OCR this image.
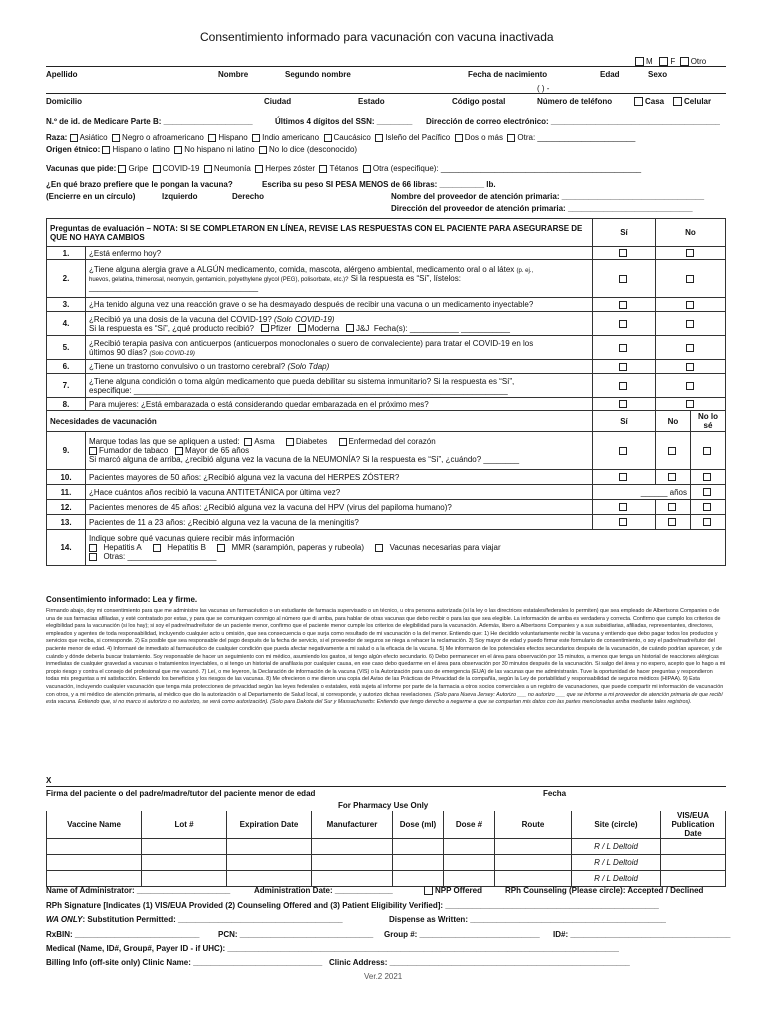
Consentimiento informado para vacunación con vacuna inactivada
M F Otro
Apellido	Nombre	Segundo nombre	Fecha de nacimiento	Edad	Sexo
( ) -
Domicilio	Ciudad	Estado	Código postal	Número de teléfono	Casa	Celular
N.º de id. de Medicare Parte B: ____________________	Últimos 4 dígitos del SSN: ________ Dirección de correo electrónico: ______________________________________
Raza: Asiático Negro o afroamericano Hispano Indio americano Caucásico Isleño del Pacífico Dos o más Otra: ______________________
Origen étnico: Hispano o latino No hispano ni latino No lo dice (desconocido)
Vacunas que pide: Gripe COVID-19 Neumonía Herpes zóster Tétanos Otra (especifique): _____________________________________________
¿En qué brazo prefiere que le pongan la vacuna?	Escriba su peso SI PESA MENOS de 66 libras: __________ lb.
(Encierre en un círculo)	Izquierdo	Derecho	Nombre del proveedor de atención primaria: ________________________________
Dirección del proveedor de atención primaria: ____________________________
Preguntas de evaluación – NOTA: SI SE COMPLETARON EN LÍNEA, REVISE LAS RESPUESTAS CON EL PACIENTE PARA ASEGURARSE DE QUE NO HAYA CAMBIOS		Sí	No	
1.	¿Está enfermo hoy?			
2.	¿Tiene alguna alergia grave a ALGÚN medicamento, comida, mascota, alérgeno ambiental, medicamento oral o al látex (p. ej.,
huevos, gelatina, thimerosal, neomycin, gentamicin, polyethylene glycol (PEG), polisorbate, etc.)? Si la respuesta es “Sí”, lístelos:
______________________________________			
3.	¿Ha tenido alguna vez una reacción grave o se ha desmayado después de recibir una vacuna o un medicamento inyectable?			
4.	¿Recibió ya una dosis de la vacuna del COVID-19? (Solo COVID-19)
Si la respuesta es “Sí”, ¿qué producto recibió? Pfizer Moderna J&J Fecha(s): ___________ ___________			
5.	¿Recibió terapia pasiva con anticuerpos (anticuerpos monoclonales o suero de convaleciente) para tratar el COVID-19 en los
últimos 90 días? (Solo COVID-19)			
6.	¿Tiene un trastorno convulsivo o un trastorno cerebral? (Solo Tdap)			
7.	¿Tiene alguna condición o toma algún medicamento que pueda debilitar su sistema inmunitario? Si la respuesta es “Sí”,
especifique: ____________________________________________________________________________________			
8.	Para mujeres: ¿Está embarazada o está considerando quedar embarazada en el próximo mes?			
Necesidades de vacunación		Sí	No	No lo sé
9.	Marque todas las que se apliquen a usted: Asma Diabetes Enfermedad del corazón
Fumador de tabaco Mayor de 65 años
Si marcó alguna de arriba, ¿recibió alguna vez la vacuna de la NEUMONÍA? Si la respuesta es “Sí”, ¿cuándo? ________			
10.	Pacientes mayores de 50 años: ¿Recibió alguna vez la vacuna del HERPES ZÓSTER?			
11.	¿Hace cuántos años recibió la vacuna ANTITETÁNICA por última vez?	______ años		
12.	Pacientes menores de 45 años: ¿Recibió alguna vez la vacuna del HPV (virus del papiloma humano)?			
13.	Pacientes de 11 a 23 años: ¿Recibió alguna vez la vacuna de la meningitis?			
14.	Indique sobre qué vacunas quiere recibir más información
Hepatitis A Hepatitis B MMR (sarampión, paperas y rubeola) Vacunas necesarias para viajar
Otras: ____________________			
Consentimiento informado: Lea y firme.
Firmando abajo, doy mi consentimiento para que me administre las vacunas un farmacéutico o un estudiante de farmacia supervisado o un técnico, u otra persona autorizada (si la ley o las directrices estatales/federales lo permiten) que sea empleado de Albertsons Companies o de una de sus farmacias afiliadas, y esté contratado por estas, y para que se comuniquen conmigo al número que di arriba, para hablar de otras vacunas que debo recibir o para las que sea elegible. La información de arriba es verdadera y correcta. Confirmo que cumplo los criterios de elegibilidad para la vacunación (si los hay); si soy el padre/madre/tutor de un paciente menor, confirmo que el paciente menor cumple los criterios de elegibilidad para la vacunación. Además, libero a Albertsons Companies y a sus subsidiarias, afiliadas, representantes, directores, empleados y agentes de toda responsabilidad, incluyendo cualquier acto u omisión, que sea consecuencia o que surja como resultado de mi vacunación o la del menor. Entiendo que: 1) He decidido voluntariamente recibir la vacuna y entiendo que debo pagar todos los productos y servicios que reciba, si corresponde. 2) Es posible que sea responsable del pago después de la fecha de servicio, si el proveedor de seguros se niega a rehacer la reclamación. 3) Soy mayor de edad y puedo firmar este formulario de consentimiento, o soy el padre/madre/tutor del paciente menor de edad. 4) Informaré de inmediato al farmacéutico de cualquier condición que pueda afectar negativamente a mi salud o a la eficacia de la vacuna. 5) Me informaron de los potenciales efectos secundarios después de la vacunación, de cuándo podrían aparecer, y de cuándo y dónde debería buscar tratamiento. Soy responsable de hacer un seguimiento con mi médico, asumiendo los gastos, si tengo algún efecto secundario. 6) Debo permanecer en el área para observación por 15 minutos, a menos que tenga un historial de reacciones alérgicas inmediatas de cualquier gravedad a vacunas o tratamientos inyectables, o si tengo un historial de anafilaxia por cualquier causa, en ese caso debo quedarme en el área para observación por 30 minutos después de la vacunación. Si salgo del área y no espero, acepto que lo hago a mi propio riesgo y contra el consejo del profesional que me vacunó. 7) Leí, o me leyeron, la Declaración de información de la vacuna (VIS) o la Autorización para uso de emergencia (EUA) de las vacunas que me administrarán. Tuve la oportunidad de hacer preguntas y respondieron todas mis preguntas a mi satisfacción. Entiendo los beneficios y los riesgos de las vacunas. 8) Me ofrecieron o me dieron una copia del Aviso de las Prácticas de Privacidad de la compañía, según la Ley de portabilidad y responsabilidad de seguros médicos (HIPAA). 9) Esta vacunación, incluyendo cualquier vacunación que tenga más protecciones de privacidad según las leyes federales o estatales, está sujeta al informe por parte de la farmacia a otros socios comerciales a un registro de vacunaciones, que puede compartir mi información de vacunación con otros, y a mi médico de atención primaria, al médico que dio la autorización o al Departamento de Salud local, si corresponde, y autorizo dichas revelaciones. (Solo para Nueva Jersey: Autorizo ___ no autorizo ___ que se informe a mi proveedor de atención primaria de que recibí esta vacuna. Entiendo que, si no marco si autorizo o no autorizo, se verá como autorización). (Solo para Dakota del Sur y Massachusetts: Entiendo que tengo derecho a negarme a que se compartan mis datos con las partes mencionadas arriba mediante tales registros).
X
Firma del paciente o del padre/madre/tutor del paciente menor de edad	Fecha
For Pharmacy Use Only
Vaccine Name	Lot #	Expiration Date	Manufacturer	Dose (ml)	Dose #	Route	Site (circle)	VIS/EUA Publication Date
							R / L Deltoid	
							R / L Deltoid	
							R / L Deltoid	
Name of Administrator: _____________________	Administration Date: _____________	NPP Offered	RPh Counseling (Please circle): Accepted / Declined
RPh Signature [Indicates (1) VIS/EUA Provided (2) Counseling Offered and (3) Patient Eligibility Verified]: ________________________________________________
WA ONLY: Substitution Permitted: _____________________________________	Dispense as Written: ____________________________________________
RxBIN: ____________________________ PCN: ______________________________ Group #: ___________________________ ID#: ____________________________________
Medical (Name, ID#, Group#, Payer ID - if UHC): ________________________________________________________________________________________
Billing Info (off-site only) Clinic Name: _____________________________ Clinic Address: ______________________________________________________
Ver.2 2021
